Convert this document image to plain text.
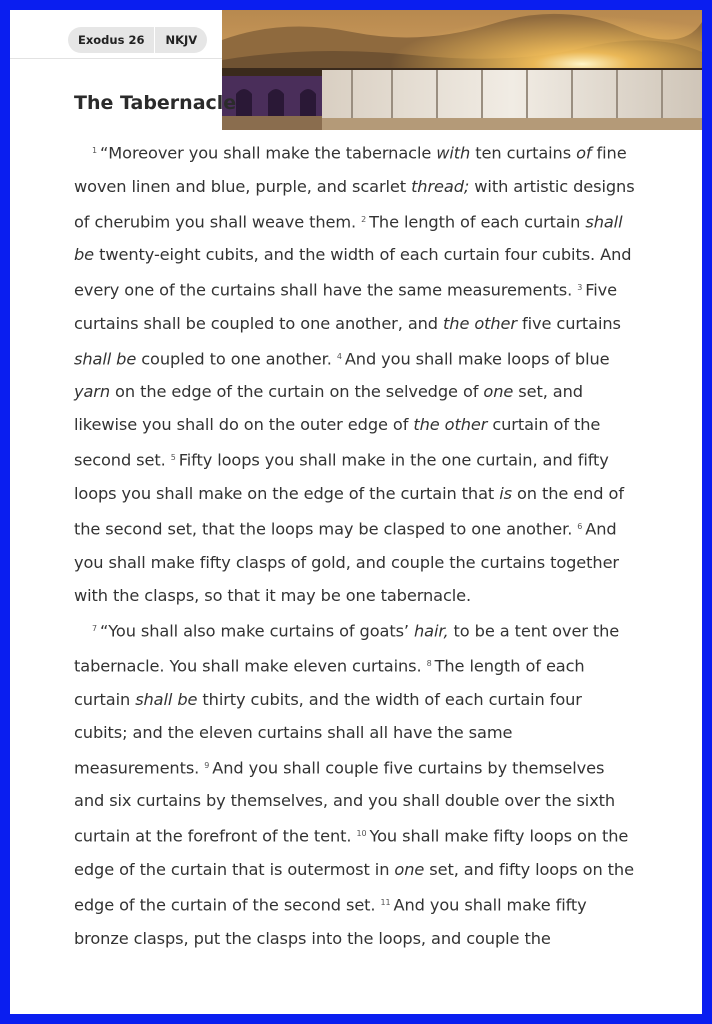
Exodus 26	NKJV
The Tabernacle

$^1$ “Moreover you shall make the tabernacle with ten curtains of fine woven linen and blue, purple, and scarlet thread; with artistic designs of cherubim you shall weave them. $^2$ The length of each curtain shall be twenty-eight cubits, and the width of each curtain four cubits. And every one of the curtains shall have the same measurements. $^3$ Five curtains shall be coupled to one another, and the other five curtains shall be coupled to one another. $^4$ And you shall make loops of blue yarn on the edge of the curtain on the selvedge of one set, and likewise you shall do on the outer edge of the other curtain of the second set. $^5$ Fifty loops you shall make in the one curtain, and fifty loops you shall make on the edge of the curtain that is on the end of the second set, that the loops may be clasped to one another. $^6$ And you shall make fifty clasps of gold, and couple the curtains together with the clasps, so that it may be one tabernacle.

$^7$ “You shall also make curtains of goats’ hair, to be a tent over the tabernacle. You shall make eleven curtains. $^8$ The length of each curtain shall be thirty cubits, and the width of each curtain four cubits; and the eleven curtains shall all have the same measurements. $^9$ And you shall couple five curtains by themselves and six curtains by themselves, and you shall double over the sixth curtain at the forefront of the tent. $^{10}$ You shall make fifty loops on the edge of the curtain that is outermost in one set, and fifty loops on the edge of the curtain of the second set. $^{11}$ And you shall make fifty bronze clasps, put the clasps into the loops, and couple the
